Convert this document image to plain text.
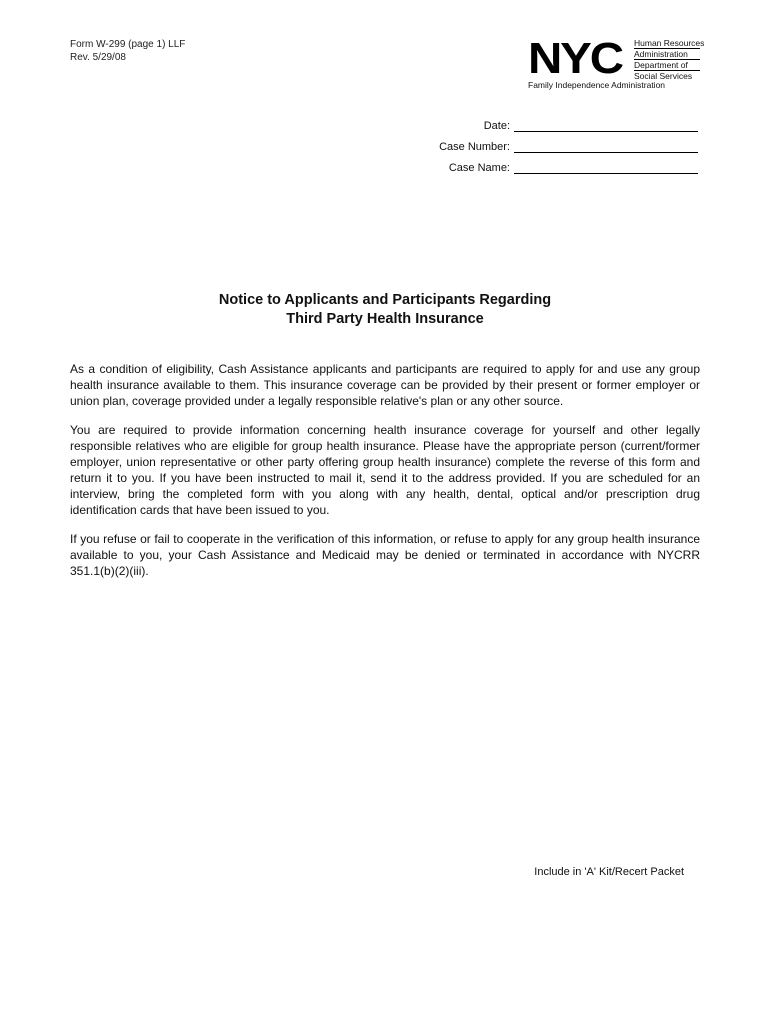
Form W-299 (page 1) LLF
Rev. 5/29/08	NYC Human Resources
Administration
Department of
Social Services
Family Independence Administration
Date:
Case Number:
Case Name:
Notice to Applicants and Participants Regarding
Third Party Health Insurance

As a condition of eligibility, Cash Assistance applicants and participants are required to apply for and use any group health insurance available to them. This insurance coverage can be provided by their present or former employer or union plan, coverage provided under a legally responsible relative's plan or any other source.

You are required to provide information concerning health insurance coverage for yourself and other legally responsible relatives who are eligible for group health insurance. Please have the appropriate person (current/former employer, union representative or other party offering group health insurance) complete the reverse of this form and return it to you. If you have been instructed to mail it, send it to the address provided. If you are scheduled for an interview, bring the completed form with you along with any health, dental, optical and/or prescription drug identification cards that have been issued to you.

If you refuse or fail to cooperate in the verification of this information, or refuse to apply for any group health insurance available to you, your Cash Assistance and Medicaid may be denied or terminated in accordance with NYCRR 351.1(b)(2)(iii).

Include in 'A' Kit/Recert Packet
